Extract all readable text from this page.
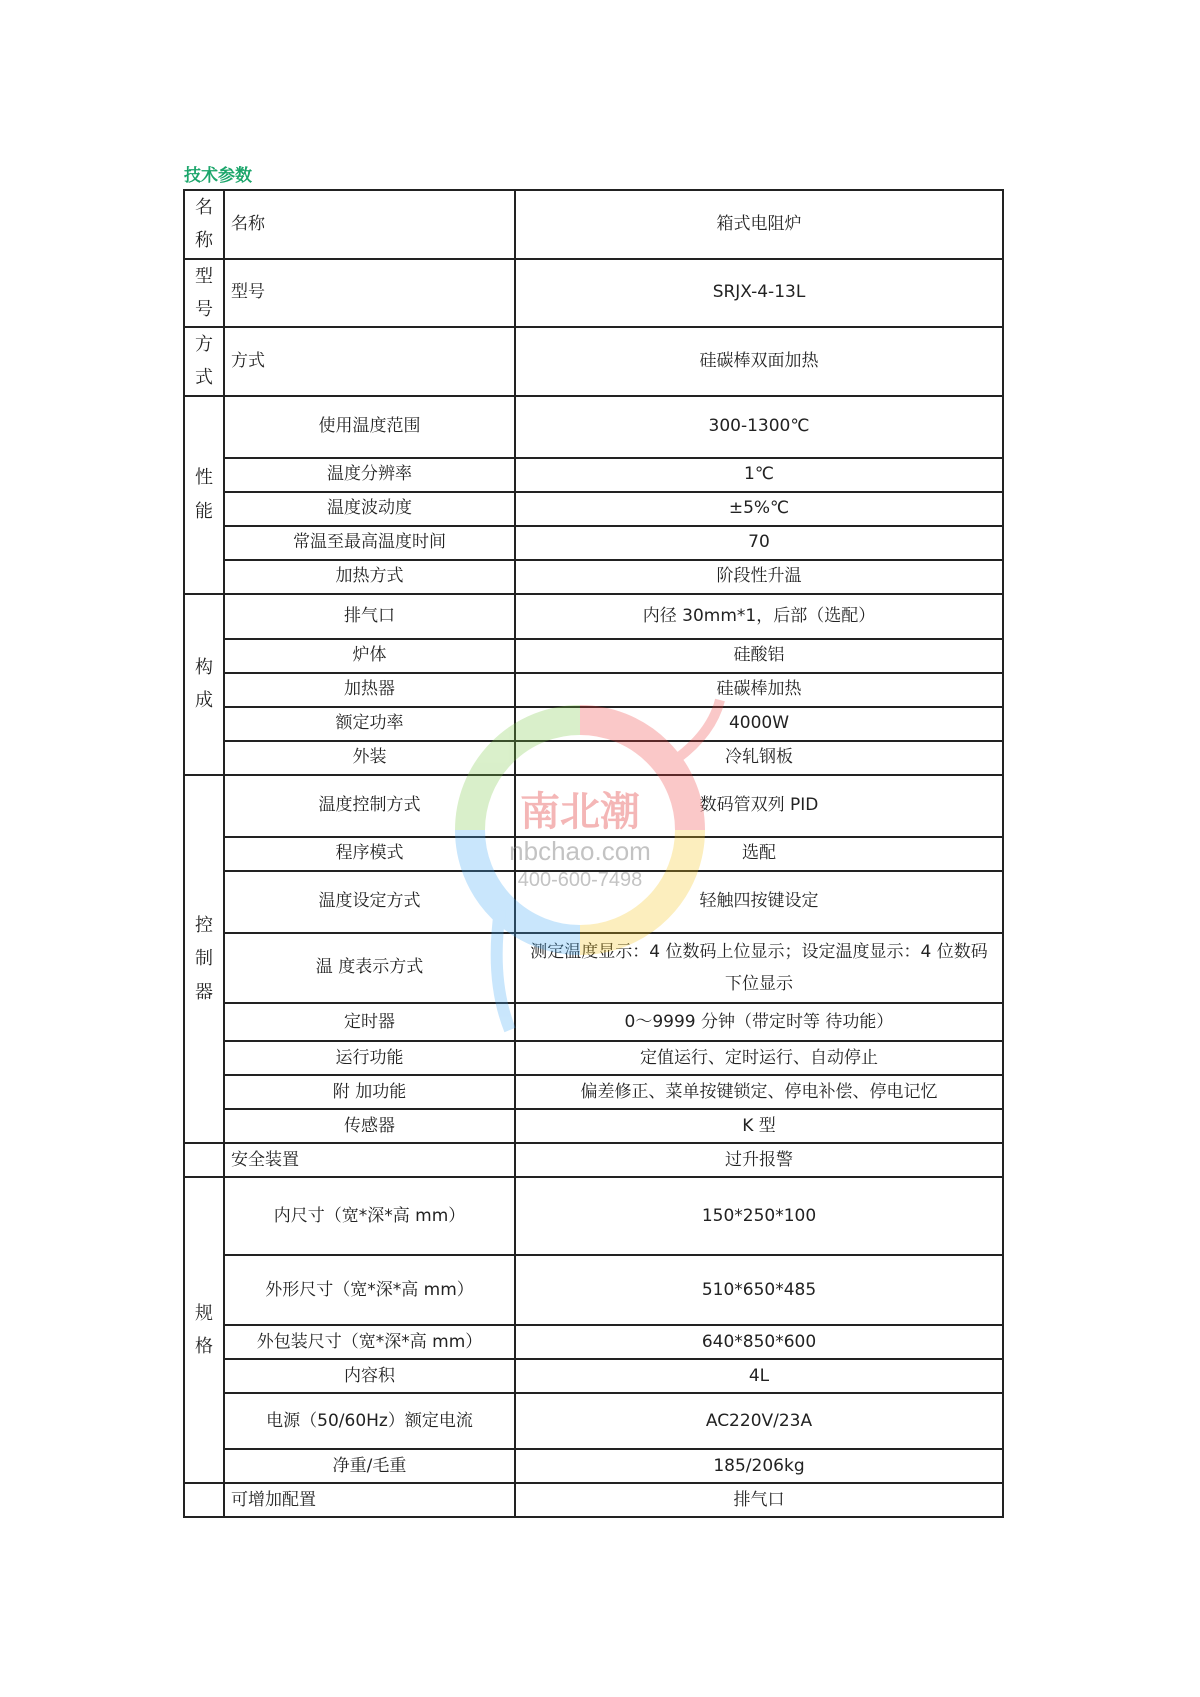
技术参数
名称	名称	箱式电阻炉
型号	型号	SRJX-4-13L
方式	方式	硅碳棒双面加热
性能	使用温度范围	300-1300℃
	温度分辨率	1℃
	温度波动度	±5%℃
	常温至最高温度时间	70
	加热方式	阶段性升温
构成	排气口	内径 30mm*1，后部（选配）
	炉体	硅酸铝
	加热器	硅碳棒加热
	额定功率	4000W
	外装	冷轧钢板
控制器	温度控制方式	数码管双列 PID
	程序模式	选配
	温度设定方式	轻触四按键设定
	温 度表示方式	测定温度显示：4 位数码上位显示；设定温度显示：4 位数码下位显示
	定时器	0～9999 分钟（带定时等 待功能）
	运行功能	定值运行、定时运行、自动停止
	附 加功能	偏差修正、菜单按键锁定、停电补偿、停电记忆
	传感器	K 型
	安全装置	过升报警
规格	内尺寸（宽*深*高 mm）	150*250*100
	外形尺寸（宽*深*高 mm）	510*650*485
	外包装尺寸（宽*深*高 mm）	640*850*600
	内容积	4L
	电源（50/60Hz）额定电流	AC220V/23A
	净重/毛重	185/206kg
	可增加配置	排气口
南北潮
nbchao.com
400-600-7498
